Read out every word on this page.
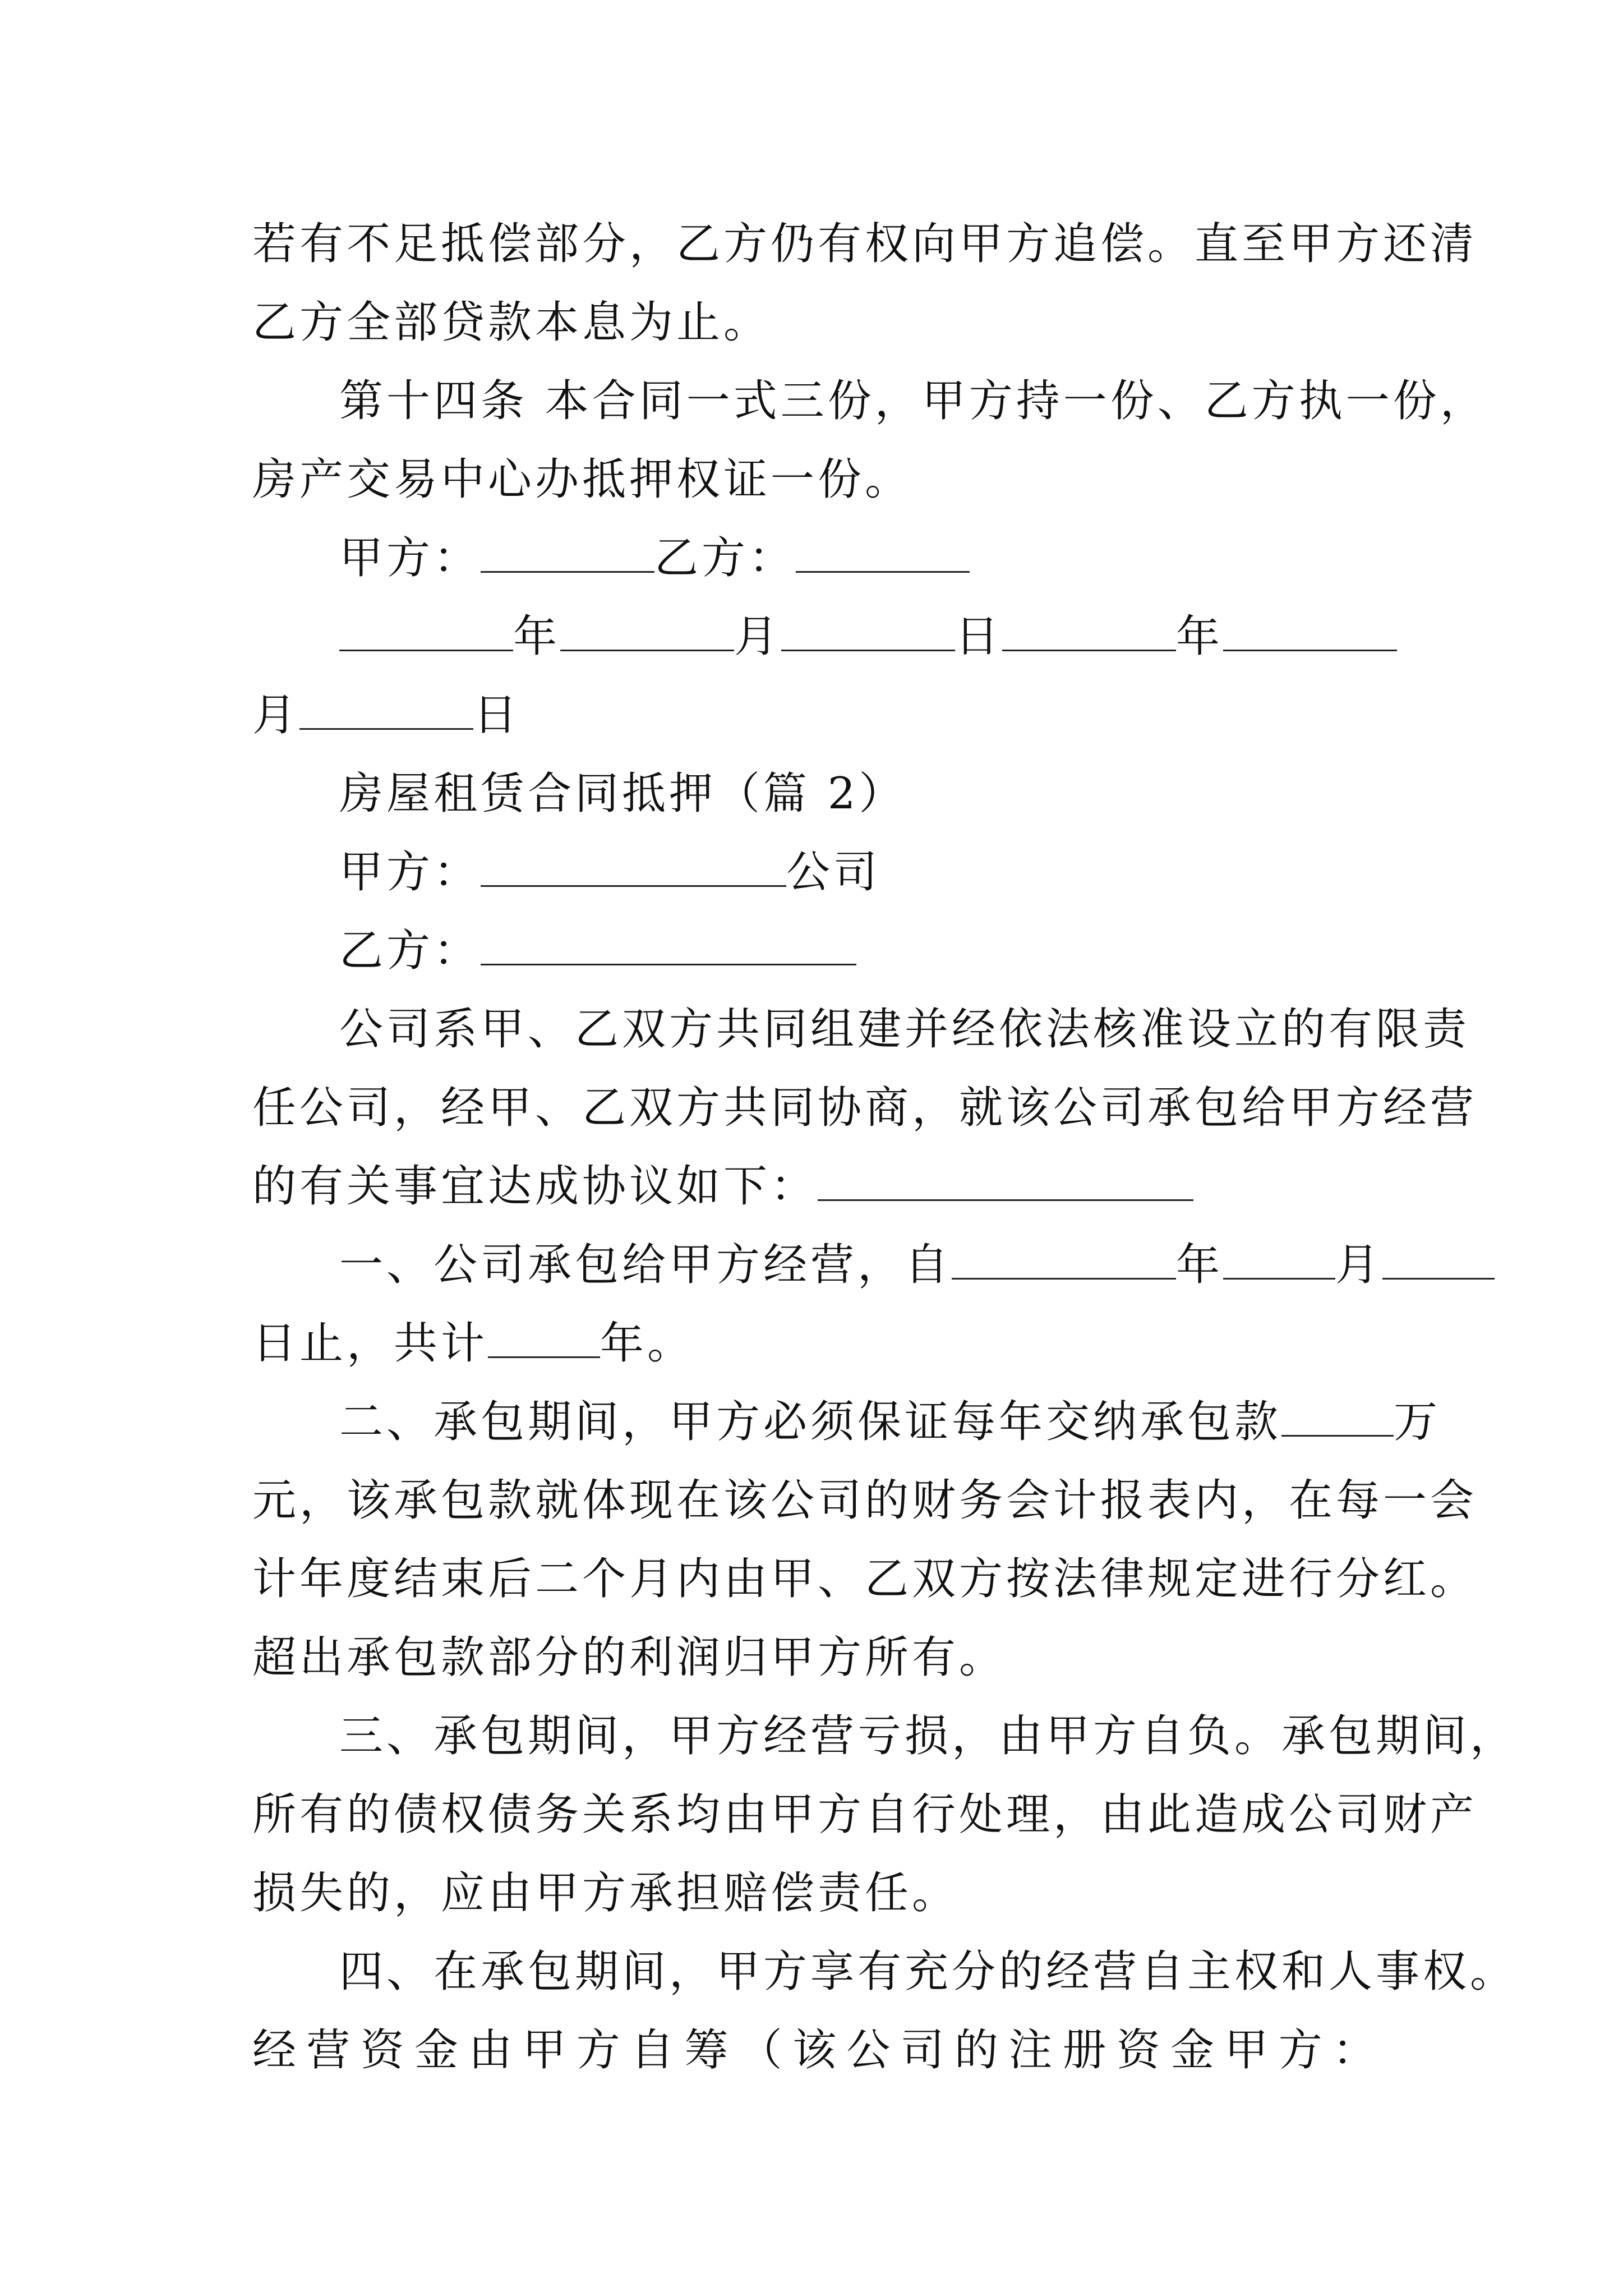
若有不足抵偿部分，乙方仍有权向甲方追偿。直至甲方还清
乙方全部贷款本息为止。
第十四条 本合同一式三份，甲方持一份、乙方执一份，
房产交易中心办抵押权证一份。
甲方：	乙方：
年	月	日	年
月	日
房屋租赁合同抵押（篇 2）
甲方：	公司
乙方：
公司系甲、乙双方共同组建并经依法核准设立的有限责
任公司，经甲、乙双方共同协商，就该公司承包给甲方经营
的有关事宜达成协议如下：
一、公司承包给甲方经营，自	年	月
日止，共计	年。
二、承包期间，甲方必须保证每年交纳承包款	万
元，该承包款就体现在该公司的财务会计报表内，在每一会
计年度结束后二个月内由甲、乙双方按法律规定进行分红。
超出承包款部分的利润归甲方所有。
三、承包期间，甲方经营亏损，由甲方自负。承包期间，
所有的债权债务关系均由甲方自行处理，由此造成公司财产
损失的，应由甲方承担赔偿责任。
四、在承包期间，甲方享有充分的经营自主权和人事权。
经营资金由甲方自筹（该公司的注册资金甲方：
